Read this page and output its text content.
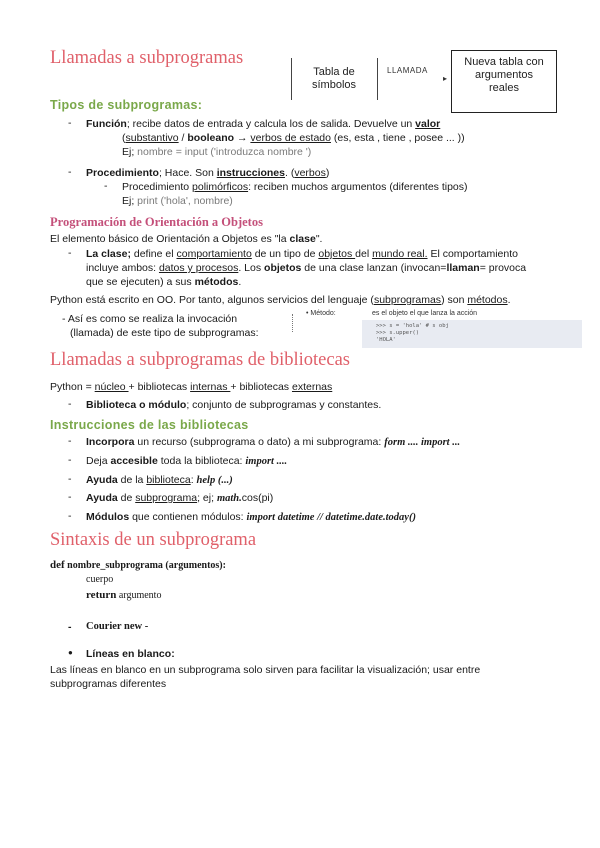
Llamadas a subprogramas
Tabla de
símbolos
LLAMADA
▸
Nueva tabla con
argumentos
reales
Tipos de subprogramas:
- Función; recibe datos de entrada y calcula los de salida. Devuelve un valor
(substantivo / booleano → verbos de estado (es, esta , tiene , posee ... ))
Ej; nombre = input ('introduzca nombre ')
- Procedimiento; Hace. Son instrucciones. (verbos)
- Procedimiento polimórficos: reciben muchos argumentos (diferentes tipos)
Ej; print ('hola', nombre)
Programación de Orientación a Objetos
El elemento básico de Orientación a Objetos es "la clase".
- La clase; define el comportamiento de un tipo de objetos del mundo real. El comportamiento
incluye ambos: datos y procesos. Los objetos de una clase lanzan (invocan=llaman= provoca
que se ejecuten) a sus métodos.
Python está escrito en OO. Por tanto, algunos servicios del lenguaje (subprogramas) son métodos.
- Así es como se realiza la invocación
(llamada) de este tipo de subprogramas:
• Método:	es el objeto el que lanza la acción
>>> s = 'hola' # s obj
>>> s.upper()
'HOLA'
Llamadas a subprogramas de bibliotecas
Python = núcleo + bibliotecas internas + bibliotecas externas
- Biblioteca o módulo; conjunto de subprogramas y constantes.
Instrucciones de las bibliotecas
- Incorpora un recurso (subprograma o dato) a mi subprograma: form .... import ...
- Deja accesible toda la biblioteca: import ....
- Ayuda de la biblioteca: help (...)
- Ayuda de subprograma; ej; math.cos(pi)
- Módulos que contienen módulos: import datetime // datetime.date.today()
Sintaxis de un subprograma
def nombre_subprograma (argumentos):
cuerpo
return argumento
- Courier new -
● Líneas en blanco:
Las líneas en blanco en un subprograma solo sirven para facilitar la visualización; usar entre
subprogramas diferentes
